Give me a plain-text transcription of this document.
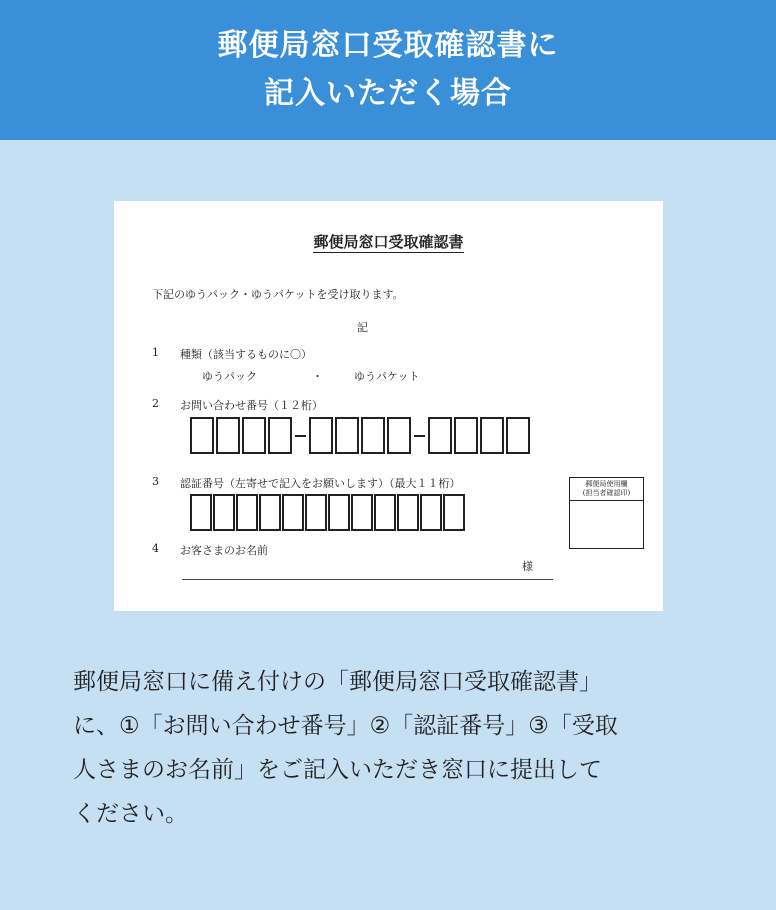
郵便局窓口受取確認書に
記入いただく場合
郵便局窓口受取確認書
下記のゆうパック・ゆうパケットを受け取ります。
記
1 種類（該当するものに〇）
ゆうパック	・	ゆうパケット
2 お問い合わせ番号（１２桁）
3 認証番号（左寄せで記入をお願いします）（最大１１桁）
4 お客さまのお名前
様
郵便局使用欄
(担当者確認印)
郵便局窓口に備え付けの「郵便局窓口受取確認書」
に、①「お問い合わせ番号」②「認証番号」③「受取
人さまのお名前」をご記入いただき窓口に提出して
ください。
